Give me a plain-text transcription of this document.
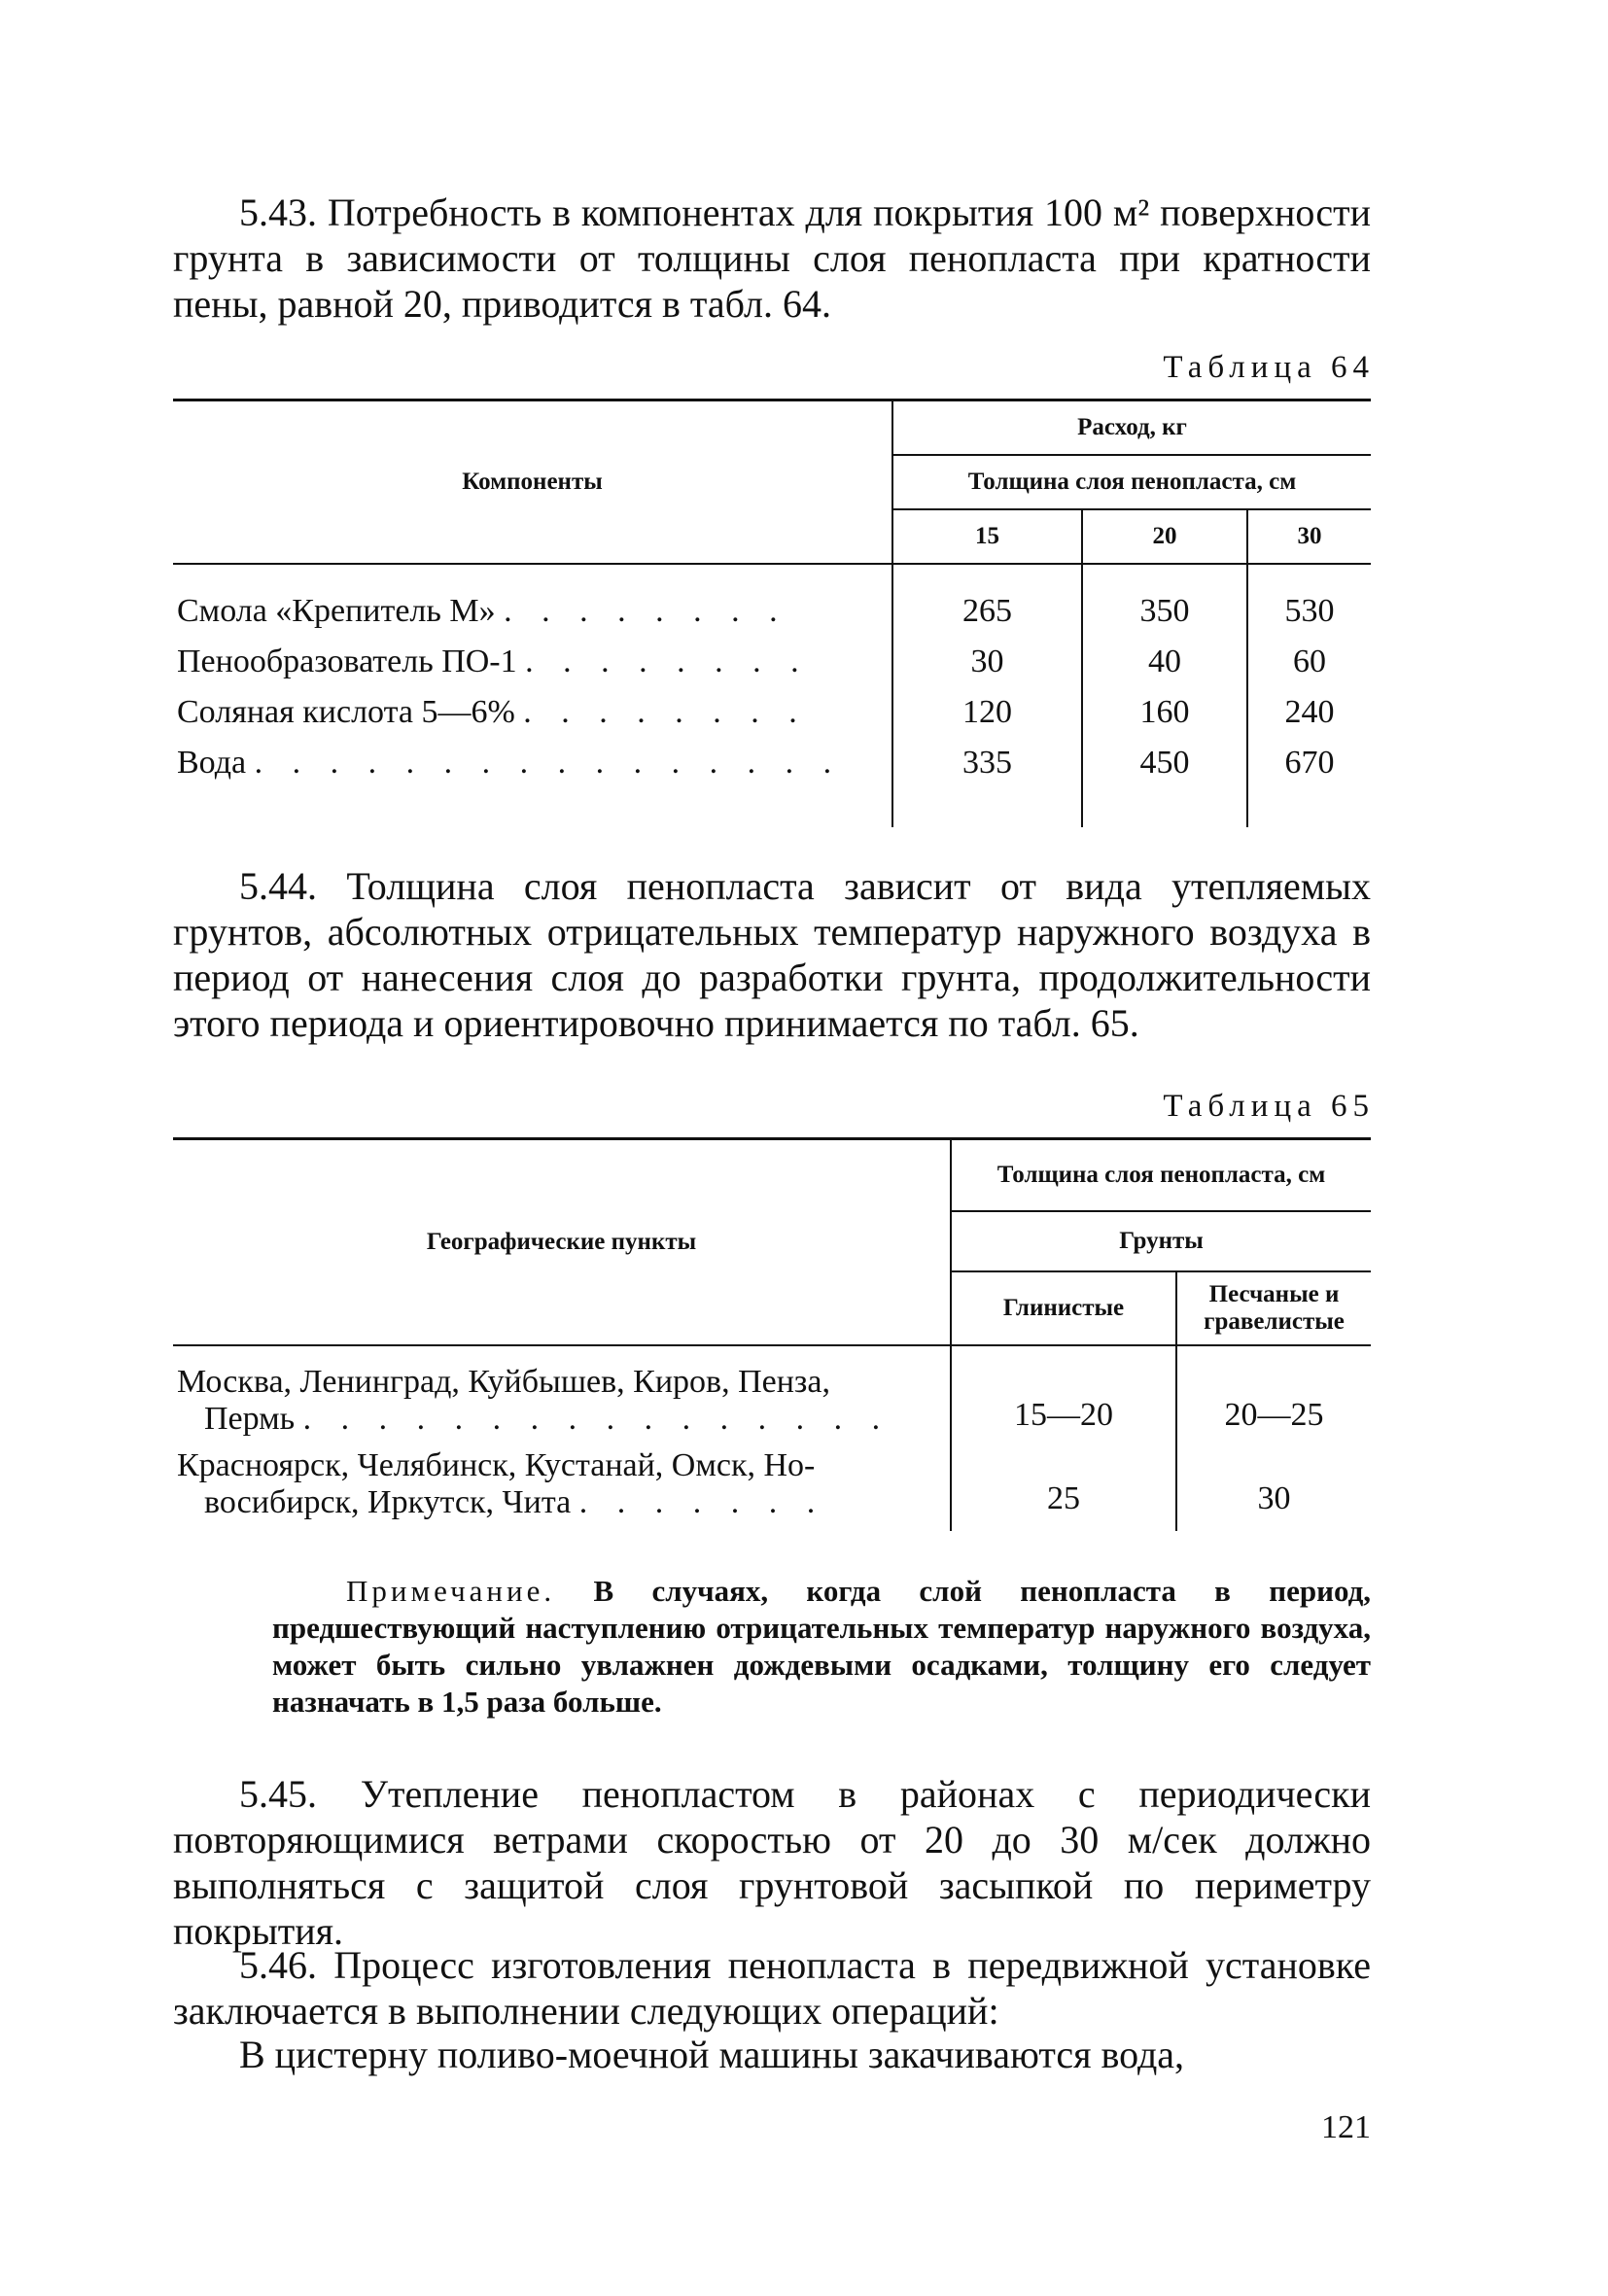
5.43. Потребность в компонентах для покрытия 100 м² поверхности грунта в зависимости от толщины слоя пенопласта при кратности пены, равной 20, приводится в табл. 64.

Таблица 64

Компоненты	Расход, кг		
	Толщина слоя пенопласта, см		
	15	20	30

Смола «Крепитель М» . . . . . . . .	265	350	530
Пенообразователь ПО-1 . . . . . . . .	30	40	60
Соляная кислота 5—6% . . . . . . . .	120	160	240
Вода . . . . . . . . . . . . . . . .	335	450	670

5.44. Толщина слоя пенопласта зависит от вида утепляемых грунтов, абсолютных отрицательных температур наружного воздуха в период от нанесения слоя до разработки грунта, продолжительности этого периода и ориентировочно принимается по табл. 65.

Таблица 65

Географические пункты	Толщина слоя пенопласта, см	
	Грунты	
	Глинистые	Песчаные и гравелистые

Москва, Ленинград, Куйбышев, Киров, Пенза,
Пермь . . . . . . . . . . . . . . . .	15—20	20—25

Красноярск, Челябинск, Кустанай, Омск, Но-
восибирск, Иркутск, Чита . . . . . . .	25	30

Примечание. В случаях, когда слой пенопласта в период, предшествующий наступлению отрицательных температур наружного воздуха, может быть сильно увлажнен дождевыми осадками, толщину его следует назначать в 1,5 раза больше.

5.45. Утепление пенопластом в районах с периодически повторяющимися ветрами скоростью от 20 до 30 м/сек должно выполняться с защитой слоя грунтовой засыпкой по периметру покрытия.

5.46. Процесс изготовления пенопласта в передвижной установке заключается в выполнении следующих операций:

В цистерну поливо-моечной машины закачиваются вода,

121
